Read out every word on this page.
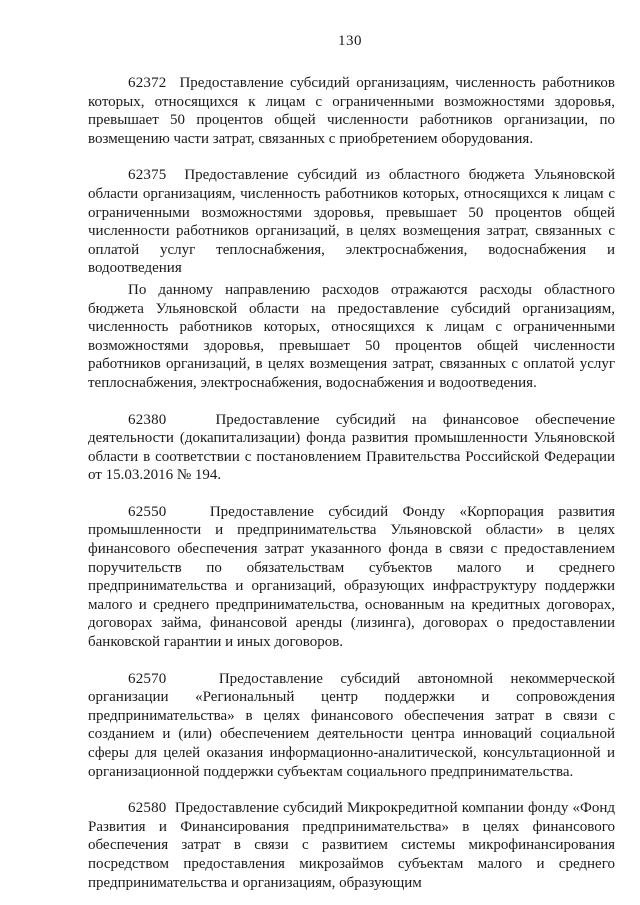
130

62372 Предоставление субсидий организациям, численность работников которых, относящихся к лицам с ограниченными возможностями здоровья, превышает 50 процентов общей численности работников организации, по возмещению части затрат, связанных с приобретением оборудования.

62375 Предоставление субсидий из областного бюджета Ульяновской области организациям, численность работников которых, относящихся к лицам с ограниченными возможностями здоровья, превышает 50 процентов общей численности работников организаций, в целях возмещения затрат, связанных с оплатой услуг теплоснабжения, электроснабжения, водоснабжения и водоотведения

По данному направлению расходов отражаются расходы областного бюджета Ульяновской области на предоставление субсидий организациям, численность работников которых, относящихся к лицам с ограниченными возможностями здоровья, превышает 50 процентов общей численности работников организаций, в целях возмещения затрат, связанных с оплатой услуг теплоснабжения, электроснабжения, водоснабжения и водоотведения.

62380	Предоставление субсидий на финансовое обеспечение деятельности (докапитализации) фонда развития промышленности Ульяновской области в соответствии с постановлением Правительства Российской Федерации от 15.03.2016 № 194.

62550	Предоставление субсидий Фонду «Корпорация развития промышленности и предпринимательства Ульяновской области» в целях финансового обеспечения затрат указанного фонда в связи с предоставлением поручительств по обязательствам субъектов малого и среднего предпринимательства и организаций, образующих инфраструктуру поддержки малого и среднего предпринимательства, основанным на кредитных договорах, договорах займа, финансовой аренды (лизинга), договорах о предоставлении банковской гарантии и иных договоров.

62570	Предоставление субсидий автономной некоммерческой организации «Региональный центр поддержки и сопровождения предпринимательства» в целях финансового обеспечения затрат в связи с созданием и (или) обеспечением деятельности центра инноваций социальной сферы для целей оказания информационно-аналитической, консультационной и организационной поддержки субъектам социального предпринимательства.

62580 Предоставление субсидий Микрокредитной компании фонду «Фонд Развития и Финансирования предпринимательства» в целях финансового обеспечения затрат в связи с развитием системы микрофинансирования посредством предоставления микрозаймов субъектам малого и среднего предпринимательства и организациям, образующим
